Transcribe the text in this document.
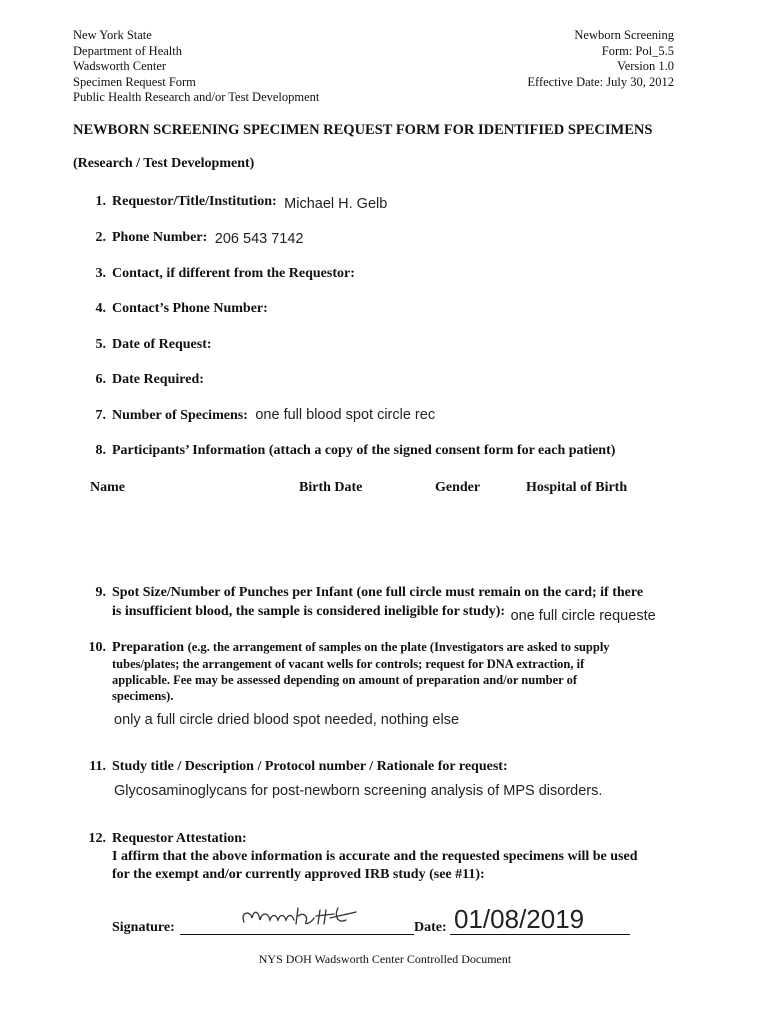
New York State
Department of Health
Wadsworth Center
Specimen Request Form
Public Health Research and/or Test Development
Newborn Screening
Form: Pol_5.5
Version 1.0
Effective Date: July 30, 2012
NEWBORN SCREENING SPECIMEN REQUEST FORM FOR IDENTIFIED SPECIMENS
(Research / Test Development)
1. Requestor/Title/Institution: Michael H. Gelb
2. Phone Number: 206 543 7142
3. Contact, if different from the Requestor:
4. Contact’s Phone Number:
5. Date of Request:
6. Date Required:
7. Number of Specimens: one full blood spot circle rec
8. Participants’ Information (attach a copy of the signed consent form for each patient)
Name	Birth Date	Gender	Hospital of Birth
9. Spot Size/Number of Punches per Infant (one full circle must remain on the card; if there
is insufficient blood, the sample is considered ineligible for study): one full circle requeste
10. Preparation (e.g. the arrangement of samples on the plate (Investigators are asked to supply
tubes/plates; the arrangement of vacant wells for controls; request for DNA extraction, if
applicable. Fee may be assessed depending on amount of preparation and/or number of
specimens).
only a full circle dried blood spot needed, nothing else
11. Study title / Description / Protocol number / Rationale for request:
Glycosaminoglycans for post-newborn screening analysis of MPS disorders.
12. Requestor Attestation:
I affirm that the above information is accurate and the requested specimens will be used
for the exempt and/or currently approved IRB study (see #11):
Signature:	Date: 01/08/2019
NYS DOH Wadsworth Center Controlled Document
